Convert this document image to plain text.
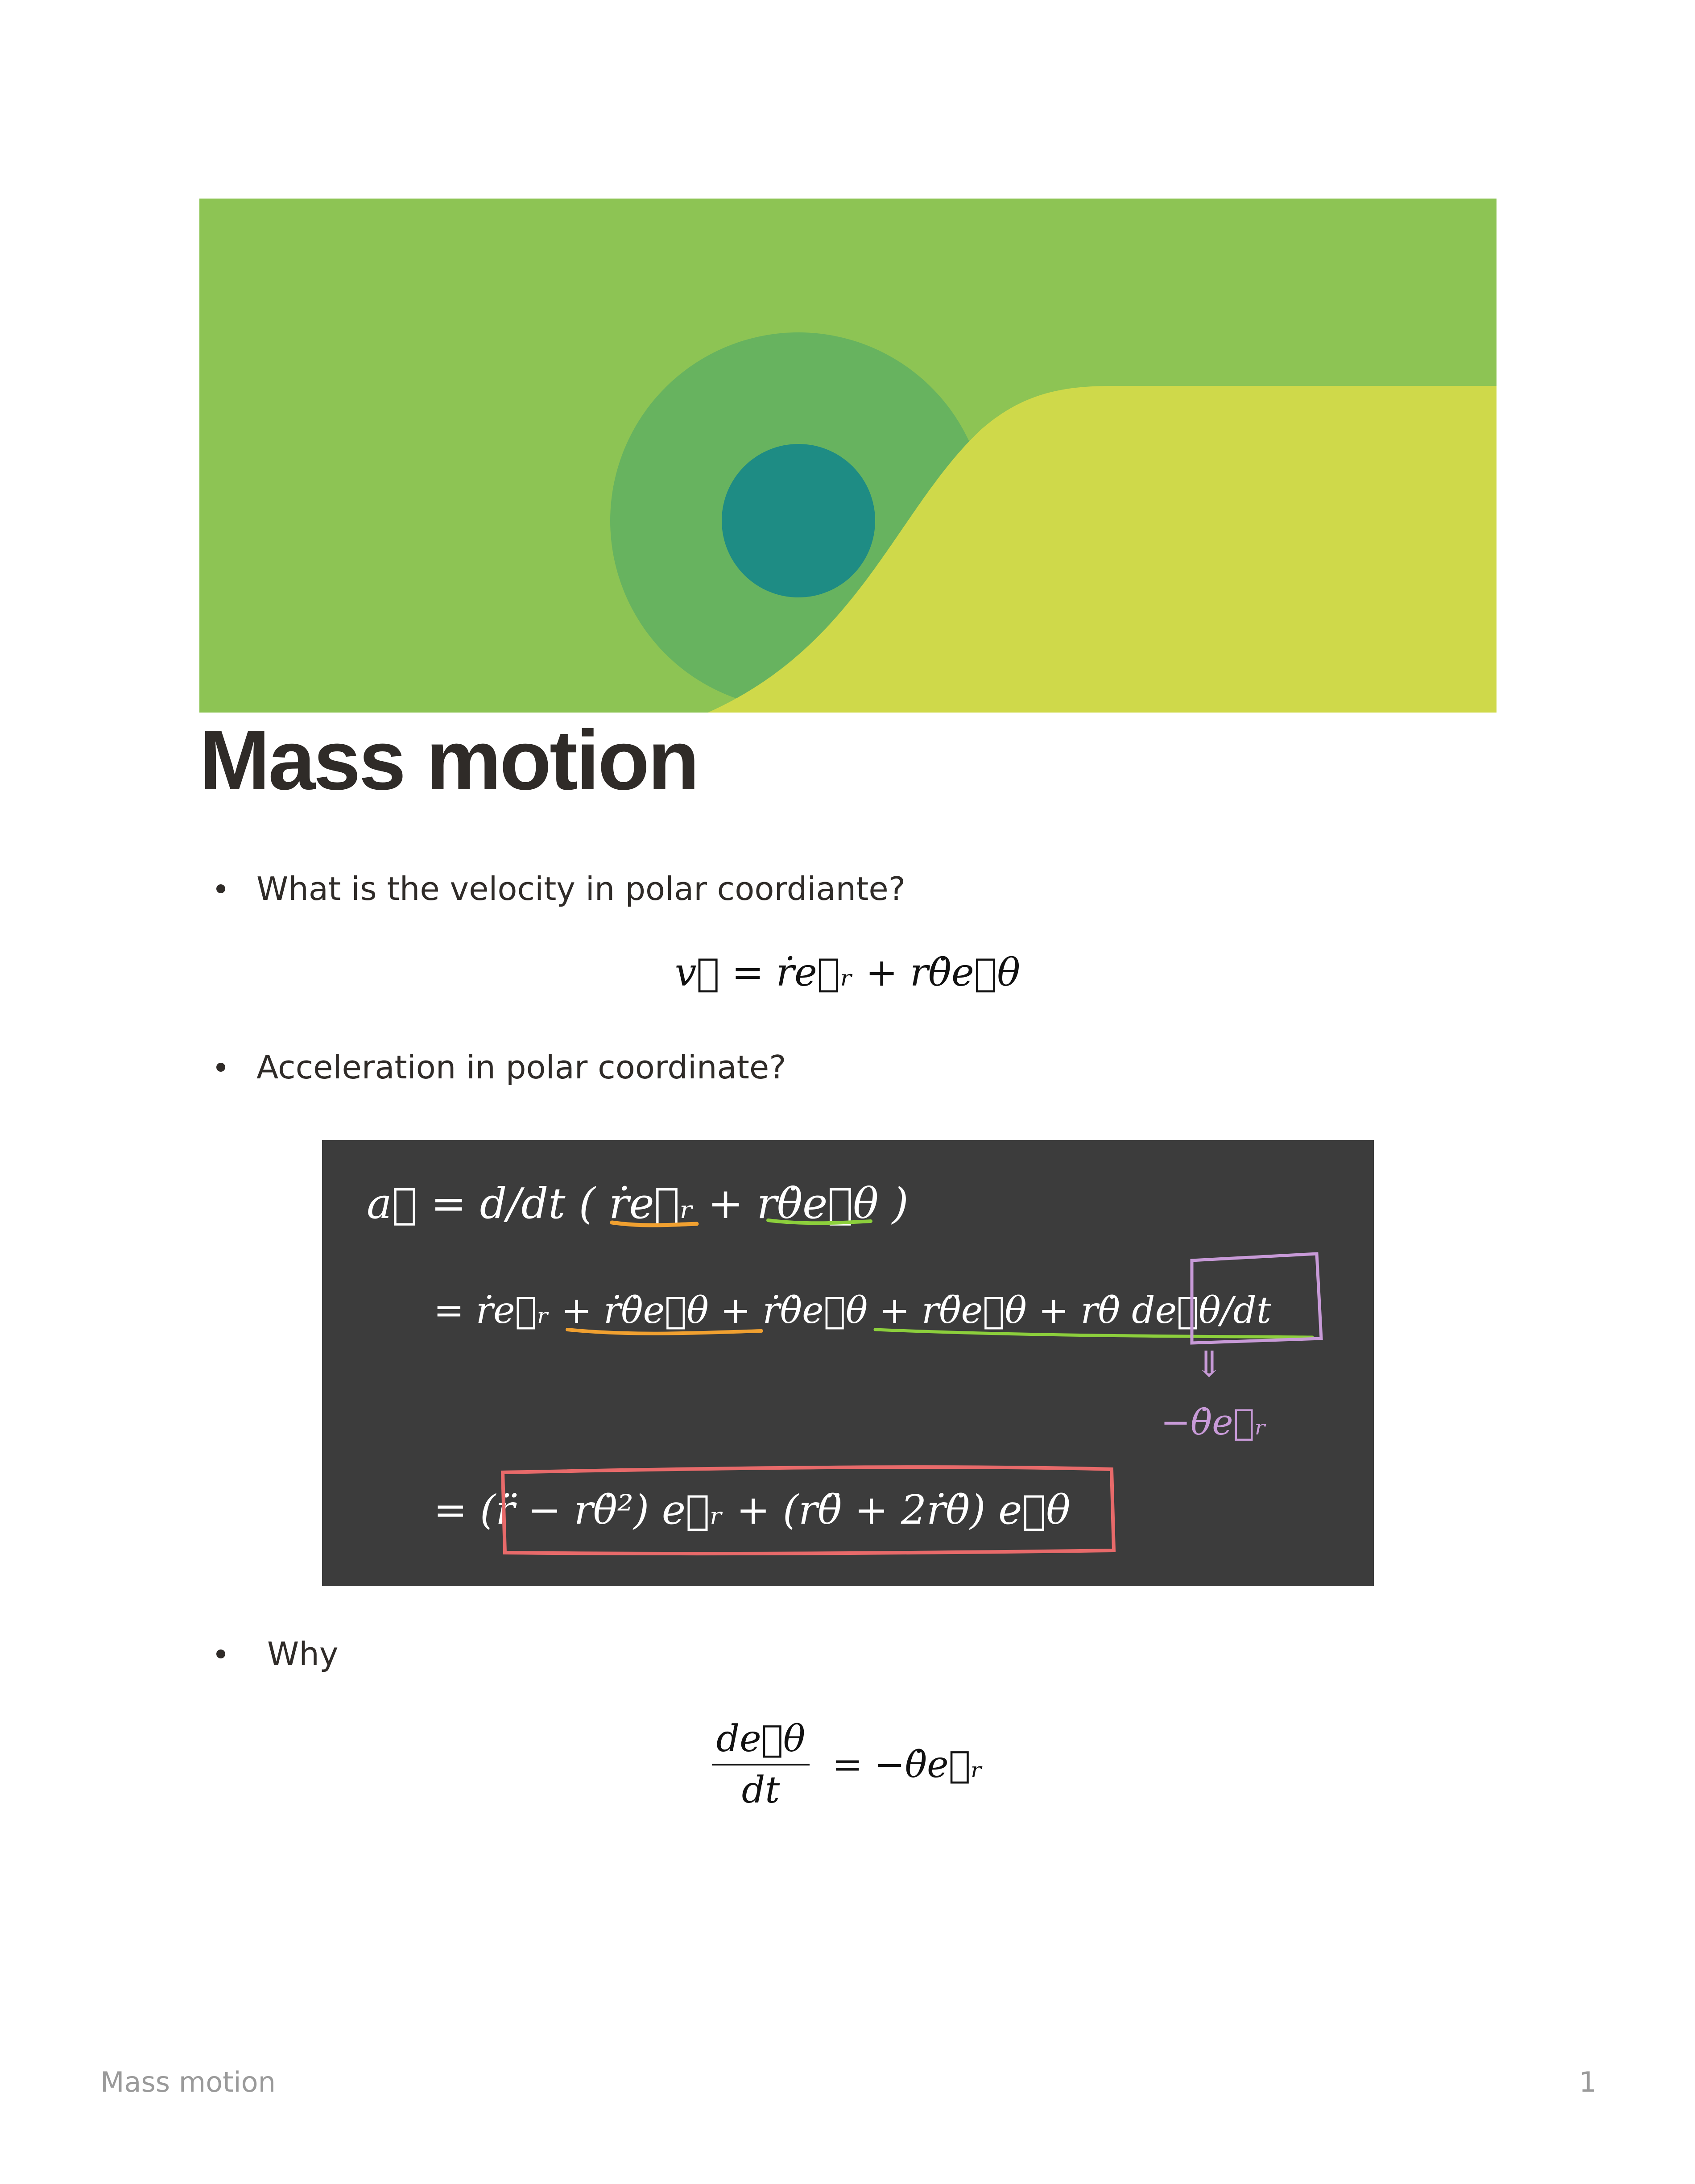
Mass motion
What is the velocity in polar coordiante?
v⃗ = ṙe⃗ᵣ + rθ̇e⃗θ
Acceleration in polar coordinate?
a⃗ = d/dt ( ṙe⃗ᵣ + rθ̇e⃗θ )
= ṙe⃗ᵣ + ṙθ̇e⃗θ + ṙθ̇e⃗θ + rθ̈e⃗θ + rθ̇ de⃗θ/dt
⇓
−θ̇e⃗ᵣ
= (r̈ − rθ̇²) e⃗ᵣ + (rθ̈ + 2ṙθ̇) e⃗θ
Why
$\frac{de⃗\theta}{dt}$ = −θ̇e⃗ᵣ
Mass motion	1
